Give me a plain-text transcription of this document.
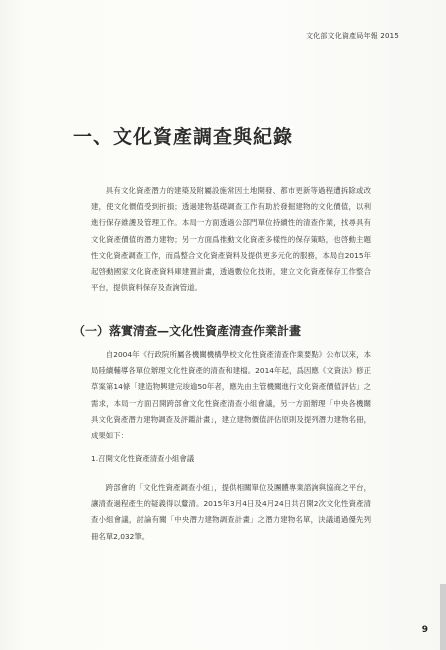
文化部文化資產局年報 2015
一、文化資產調查與紀錄

具有文化資產潛力的建築及附屬設施常因土地開發、都市更新等過程遭拆除或改建，使文化價值受到折損；透過建物基礎調查工作有助於發掘建物的文化價值，以利進行保存維護及管理工作。本局一方面透過公部門單位持續性的清查作業，找尋具有文化資產價值的潛力建物；另一方面爲推動文化資產多樣性的保存策略，也啓動主題性文化資產調查工作，而爲整合文化資產資料及提供更多元化的服務，本局自2015年起啓動國家文化資產資料庫建置計畫，透過數位化技術，建立文化資產保存工作整合平台，提供資料保存及查詢管道。

（一）落實清查—文化性資產清查作業計畫

自2004年《行政院所屬各機關機構學校文化性資產清查作業要點》公布以來，本局陸續輔導各單位辦理文化性資產的清查和建檔。2014年起，爲因應《文資法》修正草案第14條「建造物興建完竣逾50年者，應先由主管機關進行文化資產價值評估」之需求，本局一方面召開跨部會文化性資產清查小組會議，另一方面辦理「中央各機關具文化資產潛力建物調查及評鑑計畫」，建立建物價值評估原則及提列潛力建物名冊，成果如下：

1.召開文化性資產清查小組會議

跨部會的「文化性資產調查小組」，提供相關單位及團體專業諮詢與協商之平台，讓清查過程產生的疑義得以釐清。2015年3月4日及4月24日共召開2次文化性資產清查小組會議，討論有關「中央潛力建物調查計畫」之潛力建物名單，決議通過優先列冊名單2,032筆。

9
